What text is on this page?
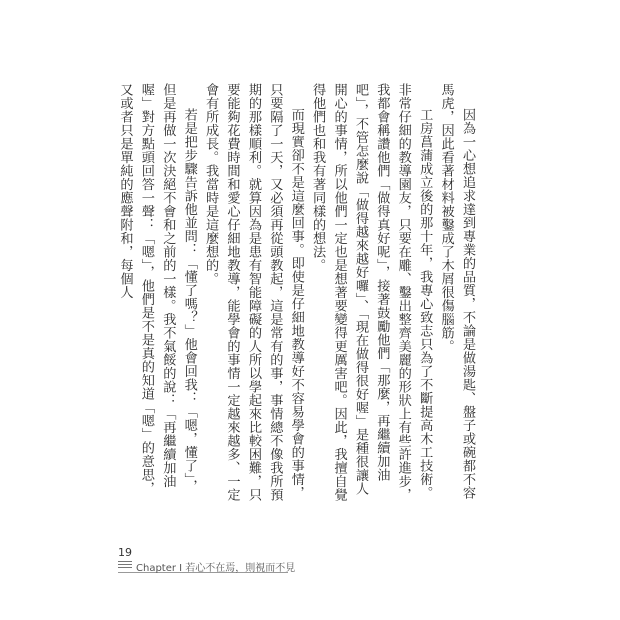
因為一心想追求達到專業的品質，不論是做湯匙、盤子或碗都不容馬虎，因此看著材料被鑿成了木屑很傷腦筋。

工房菖蒲成立後的那十年，我專心致志只為了不斷提高木工技術。非常仔細的教導園友，只要在雕、鑿出整齊美麗的形狀上有些許進步，我都會稱讚他們「做得真好呢」，接著鼓勵他們「那麼，再繼續加油吧」，不管怎麼說「做得越來越好囉」、「現在做得很好喔」是種很讓人開心的事情，所以他們一定也是想著要變得更厲害吧。因此，我擅自覺得他們也和我有著同樣的想法。

而現實卻不是這麼回事。即使是仔細地教導好不容易學會的事情，只要隔了一天，又必須再從頭教起，這是常有的事，事情總不像我所預期的那樣順利。就算因為是患有智能障礙的人所以學起來比較困難，只要能夠花費時間和愛心仔細地教導，能學會的事情一定越來越多、一定會有所成長。我當時是這麼想的。

若是把步驟告訴他並問：「懂了嗎？」他會回我：「嗯，懂了」，但是再做一次決絕不會和之前的一樣。我不氣餒的說：「再繼續加油喔」對方點頭回答一聲：「嗯」，他們是不是真的知道「嗯」的意思，又或者只是單純的應聲附和，每個人

19
Chapter I 若心不在焉，則視而不見
